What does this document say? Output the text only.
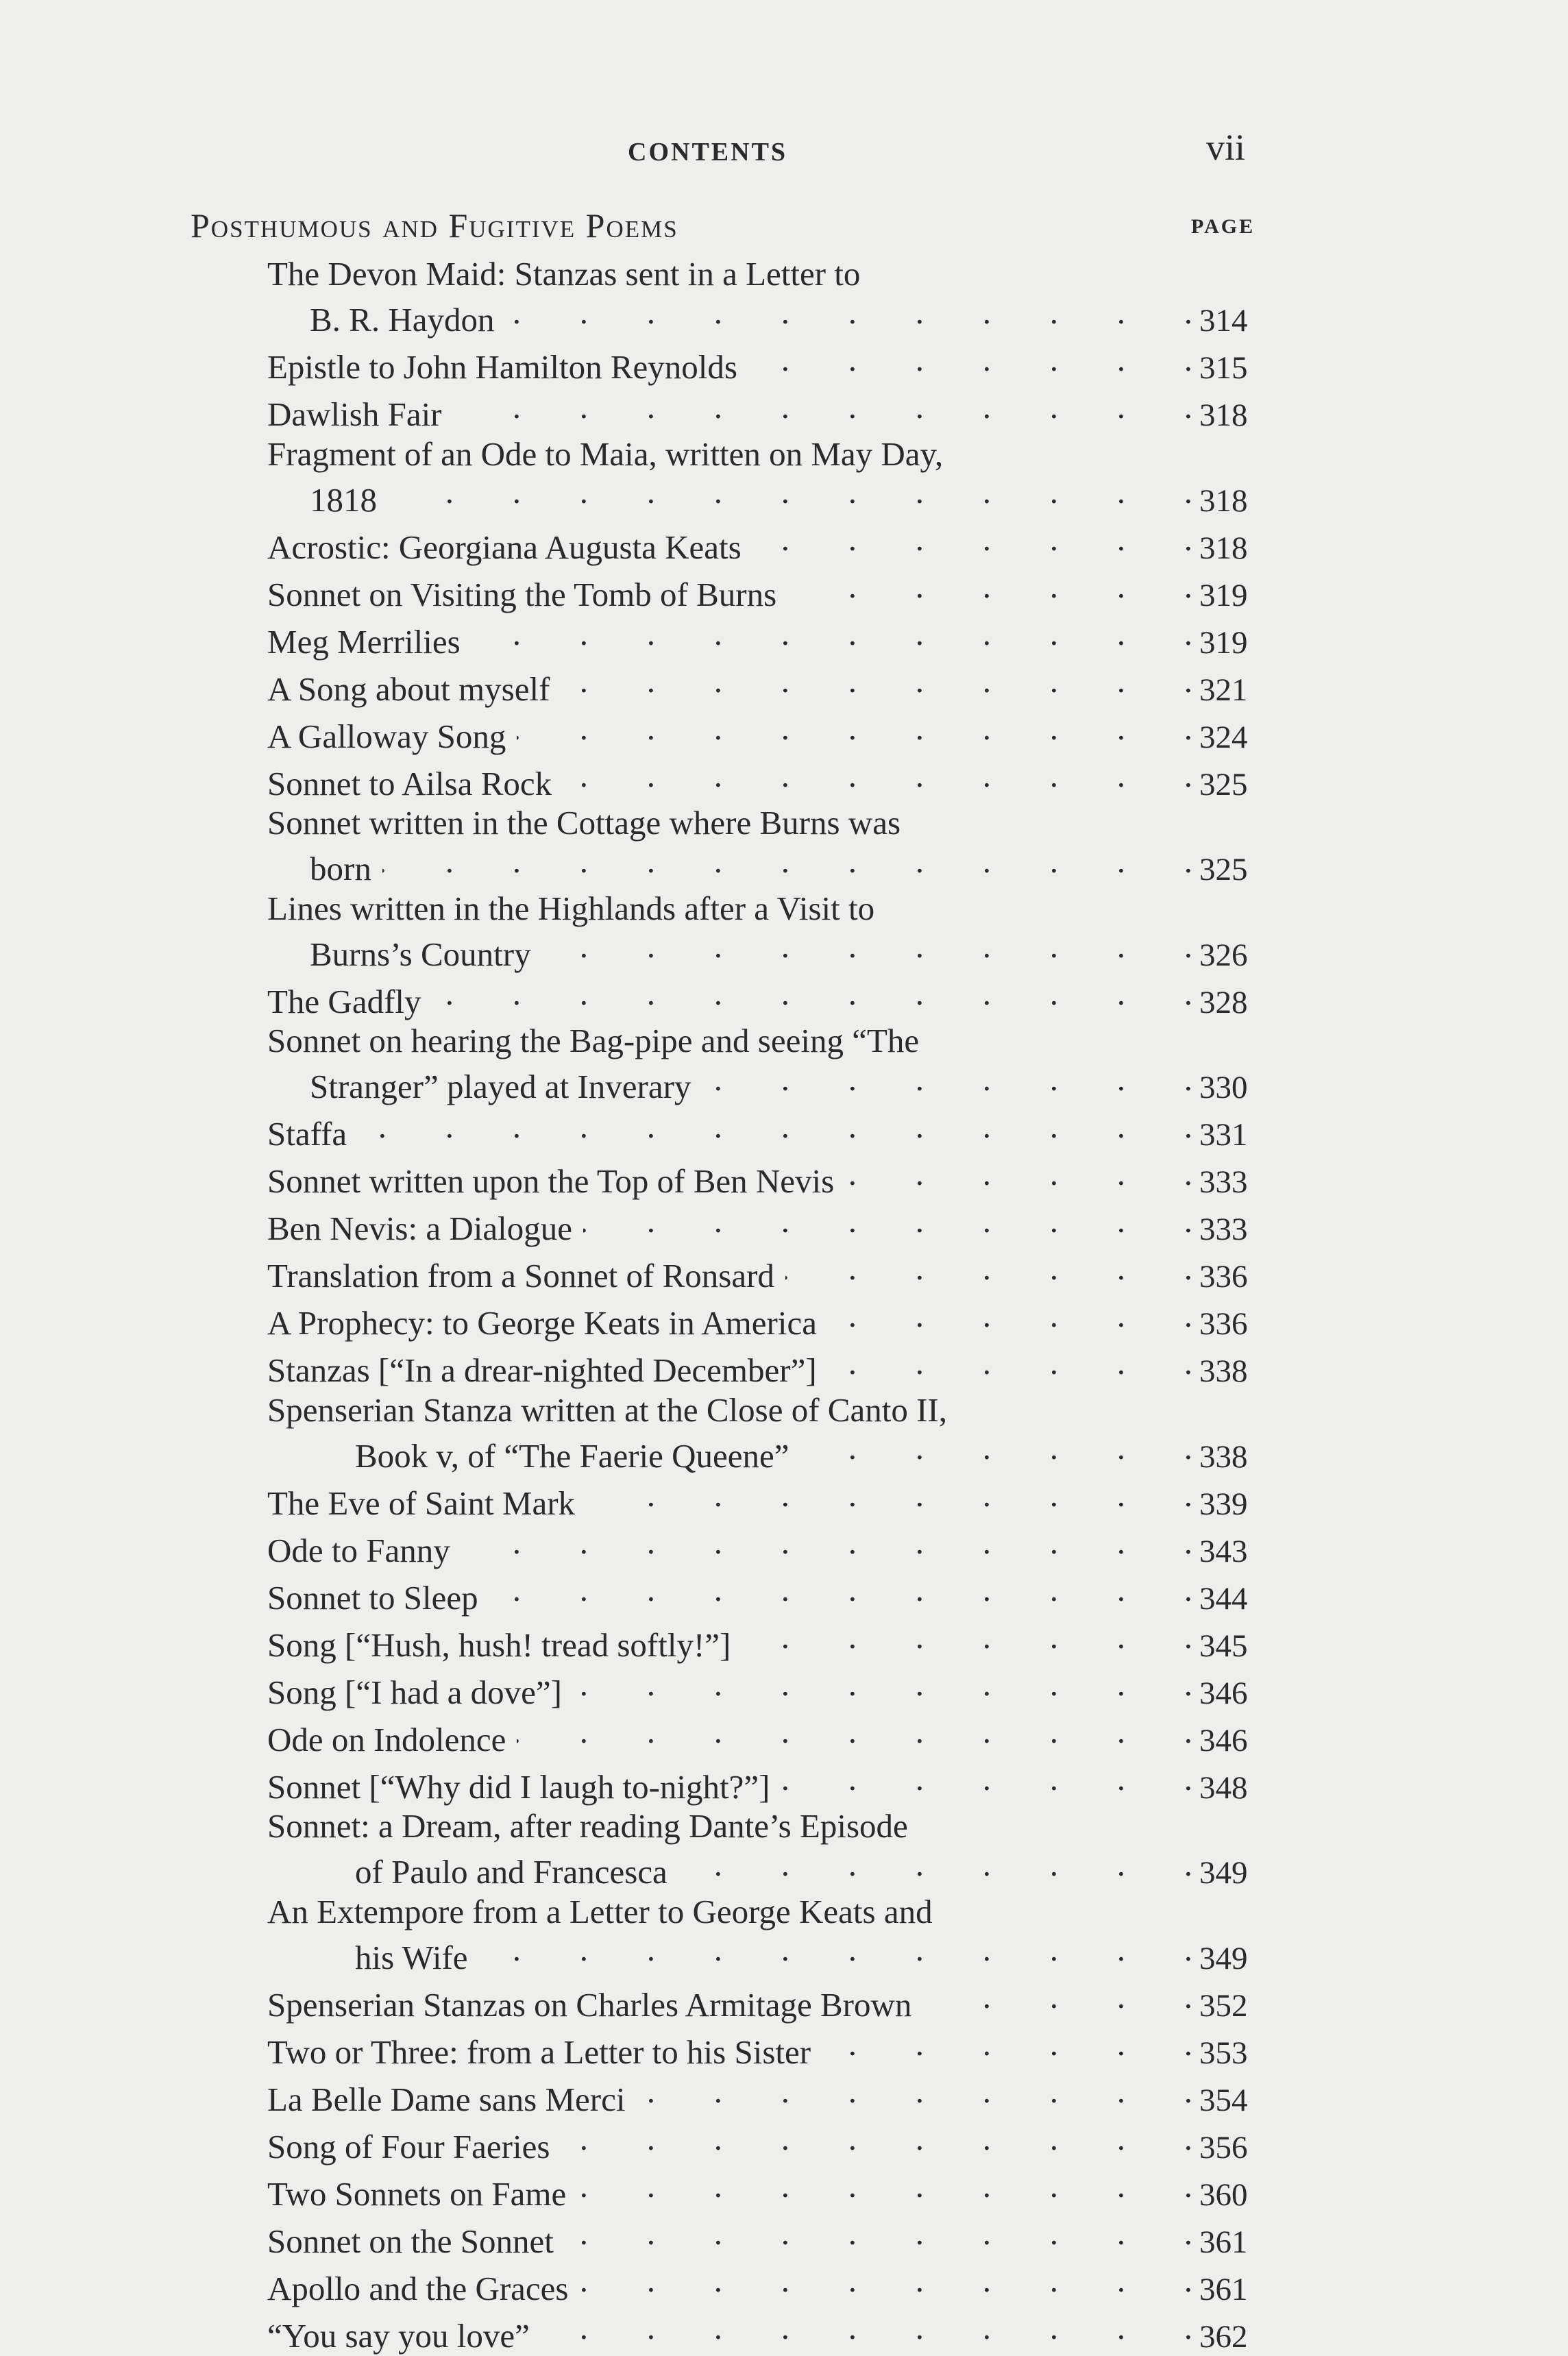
CONTENTS	vii
Posthumous and Fugitive Poems	PAGE
The Devon Maid: Stanzas sent in a Letter to
B. R. Haydon .	314
Epistle to John Hamilton Reynolds .	315
Dawlish Fair .	318
Fragment of an Ode to Maia, written on May Day,
1818 .	318
Acrostic: Georgiana Augusta Keats .	318
Sonnet on Visiting the Tomb of Burns .	319
Meg Merrilies .	319
A Song about myself .	321
A Galloway Song .	324
Sonnet to Ailsa Rock .	325
Sonnet written in the Cottage where Burns was
born .	325
Lines written in the Highlands after a Visit to
Burns’s Country .	326
The Gadfly .	328
Sonnet on hearing the Bag-pipe and seeing “The
Stranger” played at Inverary .	330
Staffa .	331
Sonnet written upon the Top of Ben Nevis .	333
Ben Nevis: a Dialogue .	333
Translation from a Sonnet of Ronsard .	336
A Prophecy: to George Keats in America .	336
Stanzas [“In a drear-nighted December”] .	338
Spenserian Stanza written at the Close of Canto II,
Book v, of “The Faerie Queene” .	338
The Eve of Saint Mark .	339
Ode to Fanny .	343
Sonnet to Sleep .	344
Song [“Hush, hush! tread softly!”] .	345
Song [“I had a dove”] .	346
Ode on Indolence .	346
Sonnet [“Why did I laugh to-night?”] .	348
Sonnet: a Dream, after reading Dante’s Episode
of Paulo and Francesca .	349
An Extempore from a Letter to George Keats and
his Wife .	349
Spenserian Stanzas on Charles Armitage Brown .	352
Two or Three: from a Letter to his Sister .	353
La Belle Dame sans Merci .	354
Song of Four Faeries .	356
Two Sonnets on Fame .	360
Sonnet on the Sonnet .	361
Apollo and the Graces .	361
“You say you love” .	362
